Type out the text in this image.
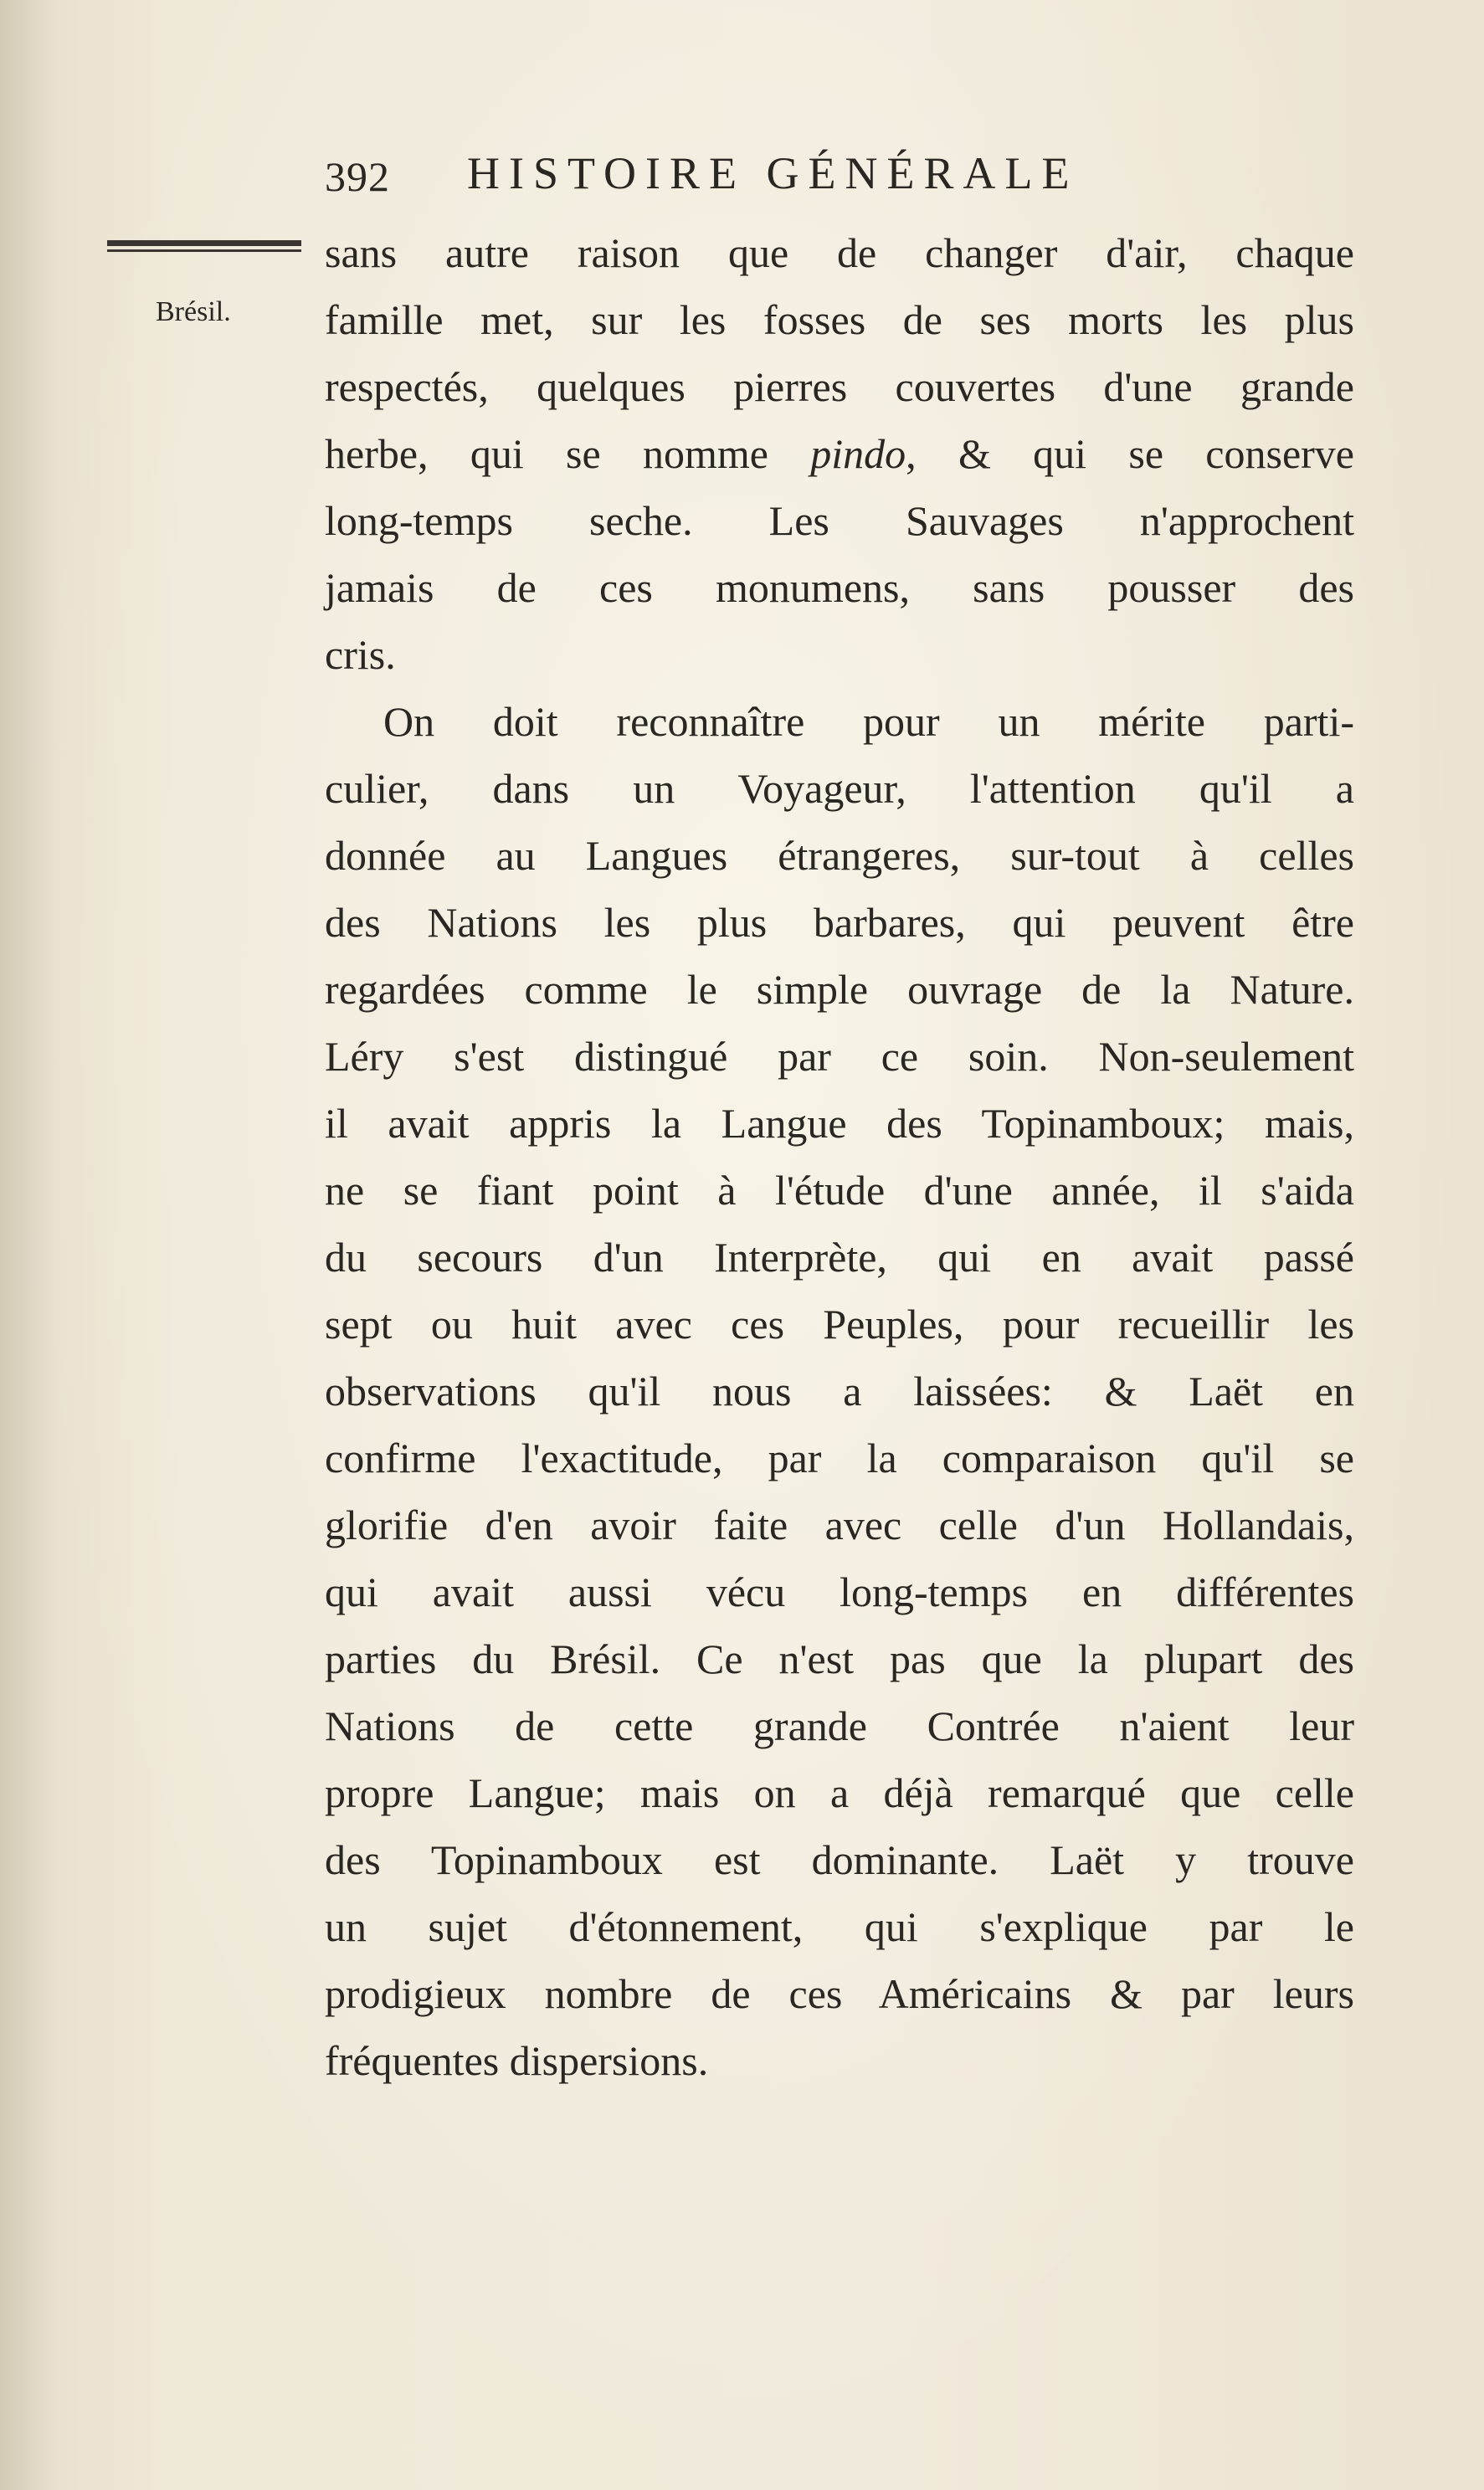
392 HISTOIRE GÉNÉRALE
Brésil.
sans autre raison que de changer d'air, chaque
famille met, sur les fosses de ses morts les plus
respectés, quelques pierres couvertes d'une grande
herbe, qui se nomme pindo, & qui se conserve
long-temps seche. Les Sauvages n'approchent
jamais de ces monumens, sans pousser des
cris.
On doit reconnaître pour un mérite parti-
culier, dans un Voyageur, l'attention qu'il a
donnée au Langues étrangeres, sur-tout à celles
des Nations les plus barbares, qui peuvent être
regardées comme le simple ouvrage de la Nature.
Léry s'est distingué par ce soin. Non-seulement
il avait appris la Langue des Topinamboux; mais,
ne se fiant point à l'étude d'une année, il s'aida
du secours d'un Interprète, qui en avait passé
sept ou huit avec ces Peuples, pour recueillir les
observations qu'il nous a laissées: & Laët en
confirme l'exactitude, par la comparaison qu'il se
glorifie d'en avoir faite avec celle d'un Hollandais,
qui avait aussi vécu long-temps en différentes
parties du Brésil. Ce n'est pas que la plupart des
Nations de cette grande Contrée n'aient leur
propre Langue; mais on a déjà remarqué que celle
des Topinamboux est dominante. Laët y trouve
un sujet d'étonnement, qui s'explique par le
prodigieux nombre de ces Américains & par leurs
fréquentes dispersions.
